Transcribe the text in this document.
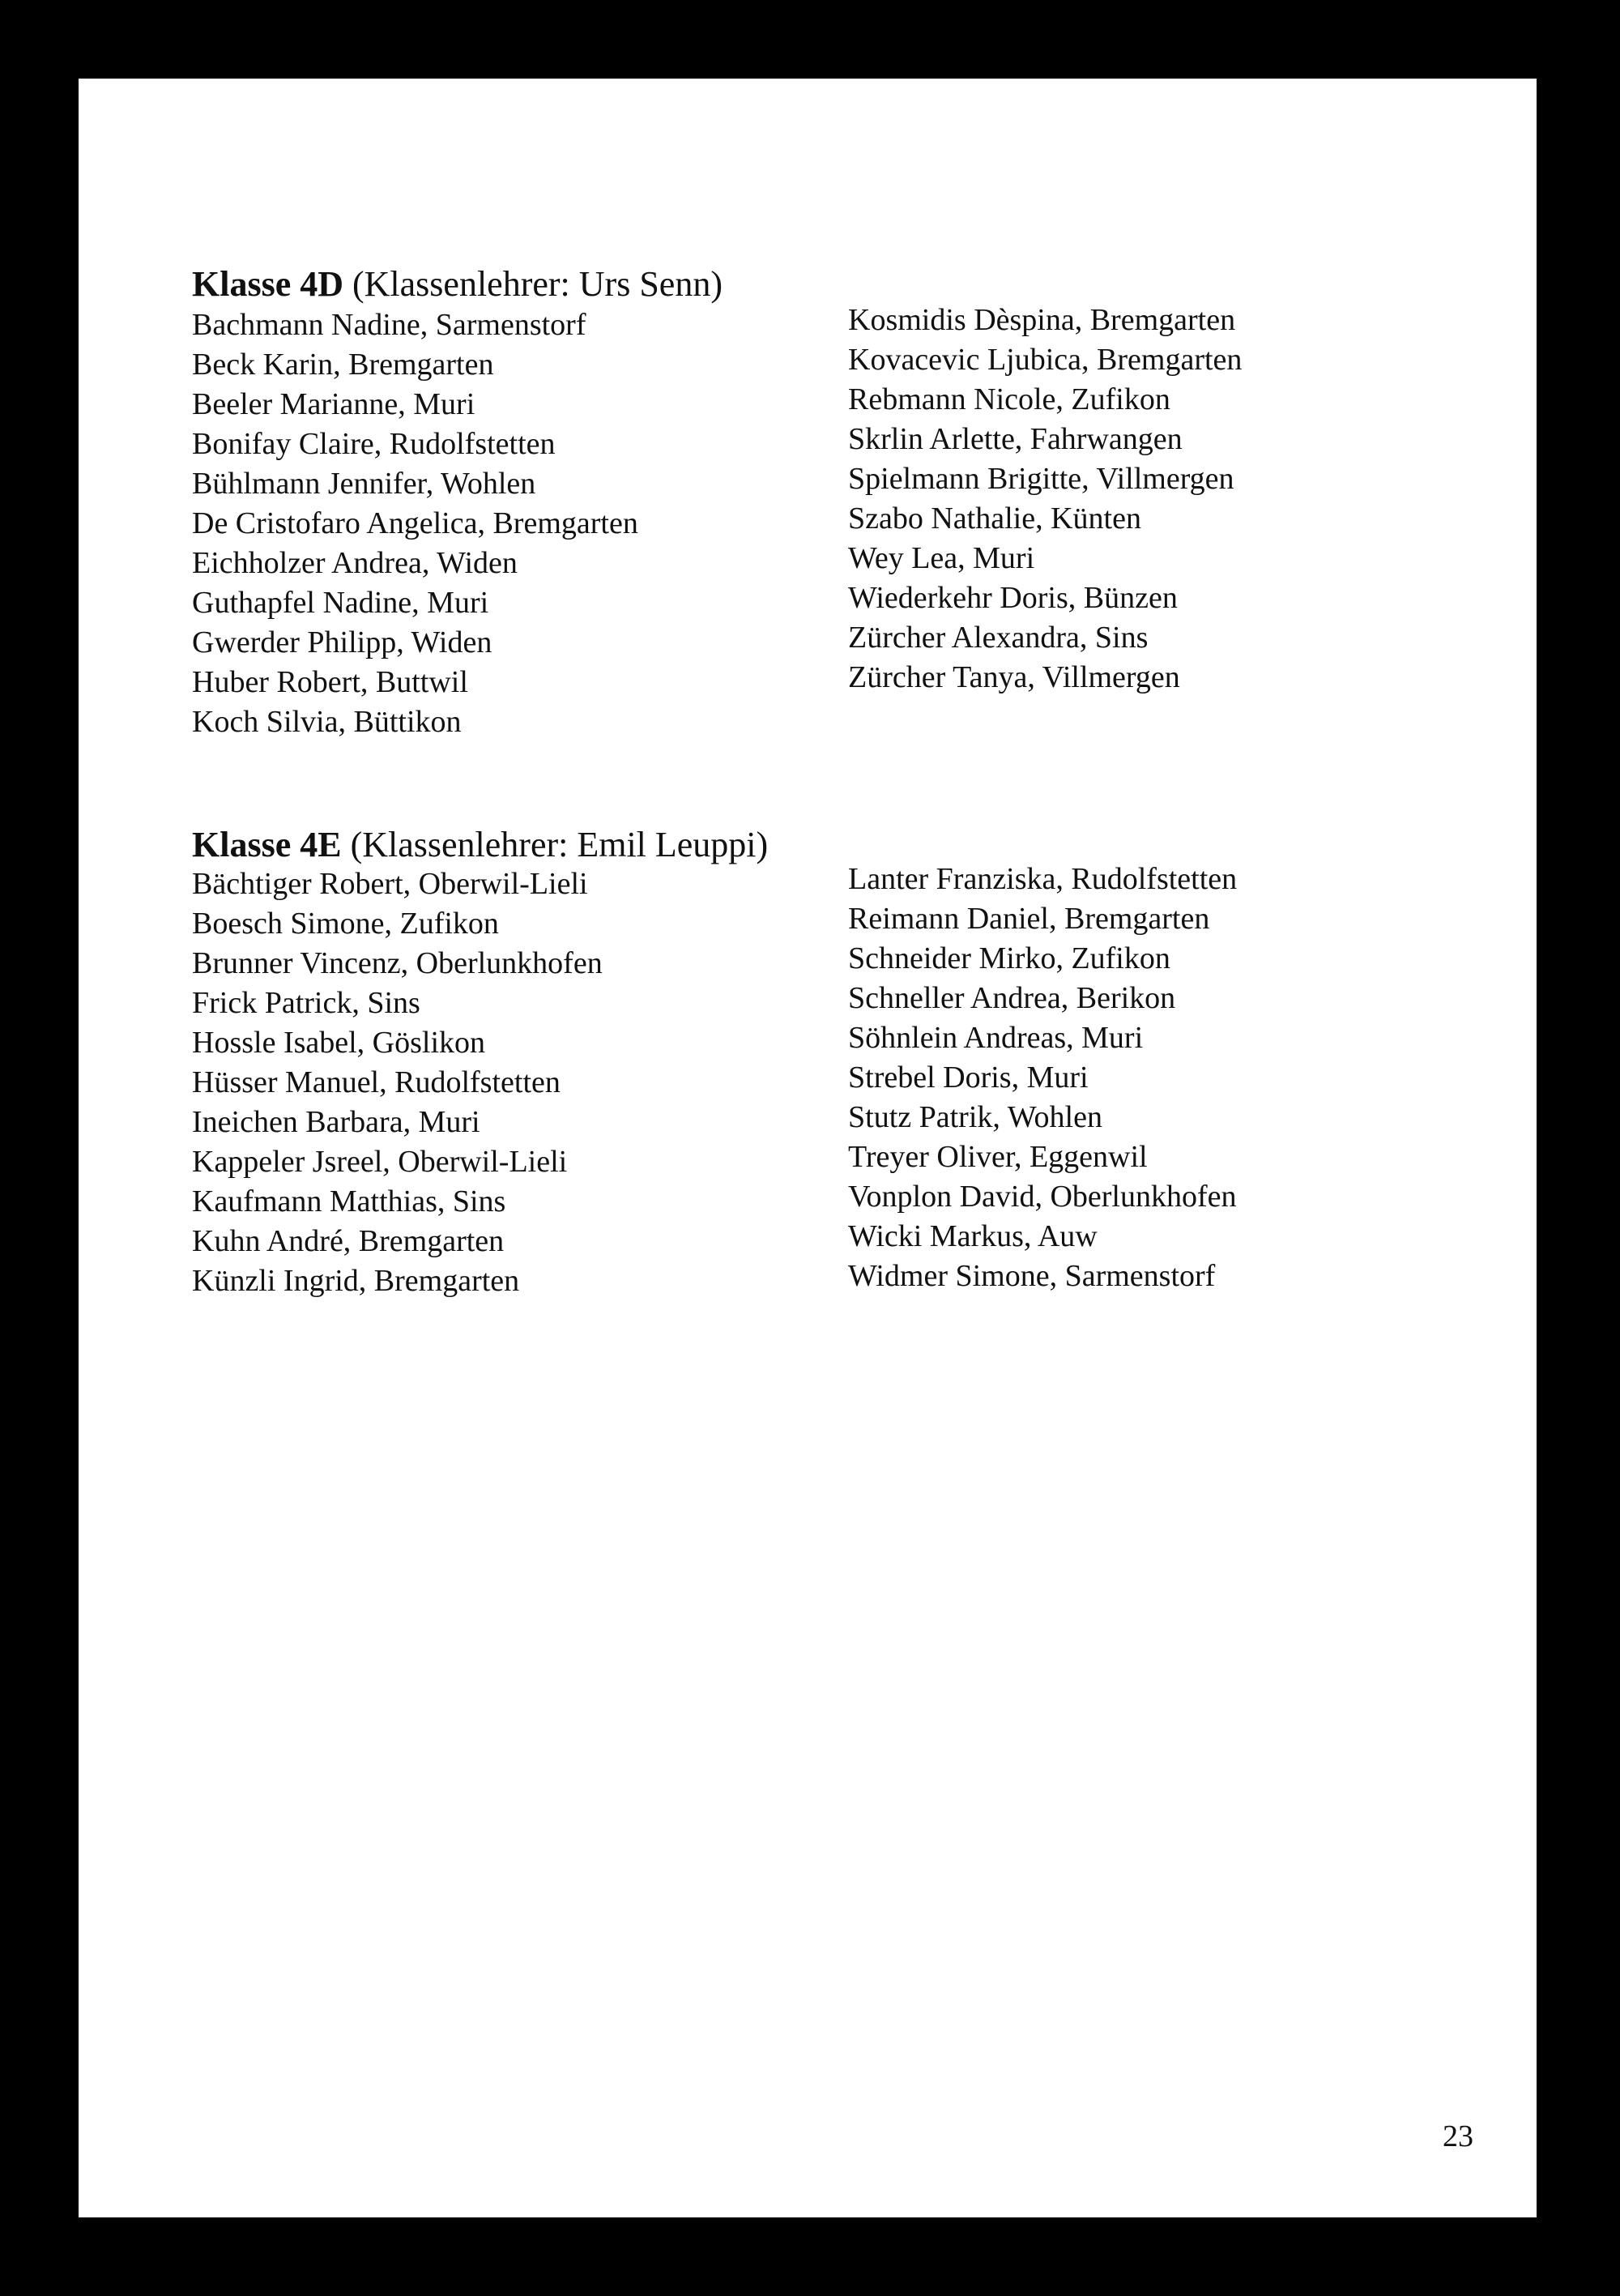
Klasse 4D (Klassenlehrer: Urs Senn)
Bachmann Nadine, Sarmenstorf
Beck Karin, Bremgarten
Beeler Marianne, Muri
Bonifay Claire, Rudolfstetten
Bühlmann Jennifer, Wohlen
De Cristofaro Angelica, Bremgarten
Eichholzer Andrea, Widen
Guthapfel Nadine, Muri
Gwerder Philipp, Widen
Huber Robert, Buttwil
Koch Silvia, Büttikon
Kosmidis Dèspina, Bremgarten
Kovacevic Ljubica, Bremgarten
Rebmann Nicole, Zufikon
Skrlin Arlette, Fahrwangen
Spielmann Brigitte, Villmergen
Szabo Nathalie, Künten
Wey Lea, Muri
Wiederkehr Doris, Bünzen
Zürcher Alexandra, Sins
Zürcher Tanya, Villmergen
Klasse 4E (Klassenlehrer: Emil Leuppi)
Bächtiger Robert, Oberwil-Lieli
Boesch Simone, Zufikon
Brunner Vincenz, Oberlunkhofen
Frick Patrick, Sins
Hossle Isabel, Göslikon
Hüsser Manuel, Rudolfstetten
Ineichen Barbara, Muri
Kappeler Jsreel, Oberwil-Lieli
Kaufmann Matthias, Sins
Kuhn André, Bremgarten
Künzli Ingrid, Bremgarten
Lanter Franziska, Rudolfstetten
Reimann Daniel, Bremgarten
Schneider Mirko, Zufikon
Schneller Andrea, Berikon
Söhnlein Andreas, Muri
Strebel Doris, Muri
Stutz Patrik, Wohlen
Treyer Oliver, Eggenwil
Vonplon David, Oberlunkhofen
Wicki Markus, Auw
Widmer Simone, Sarmenstorf
23
